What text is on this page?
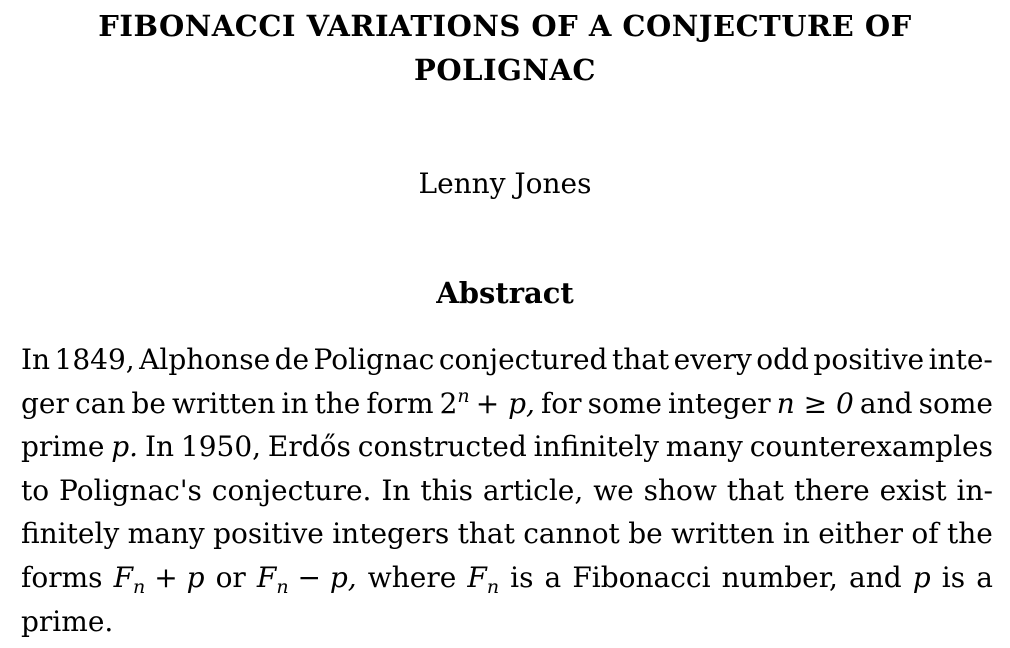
FIBONACCI VARIATIONS OF A CONJECTURE OF POLIGNAC
Lenny Jones
Abstract
In 1849, Alphonse de Polignac conjectured that every odd positive inte-
ger can be written in the form $2^n + p$, for some integer n ≥ 0 and some
prime p. In 1950, Erdős constructed infinitely many counterexamples
to Polignac's conjecture. In this article, we show that there exist in-
finitely many positive integers that cannot be written in either of the
forms $F_n + p$ or $F_n - p$, where $F_n$ is a Fibonacci number, and p is a
prime.
